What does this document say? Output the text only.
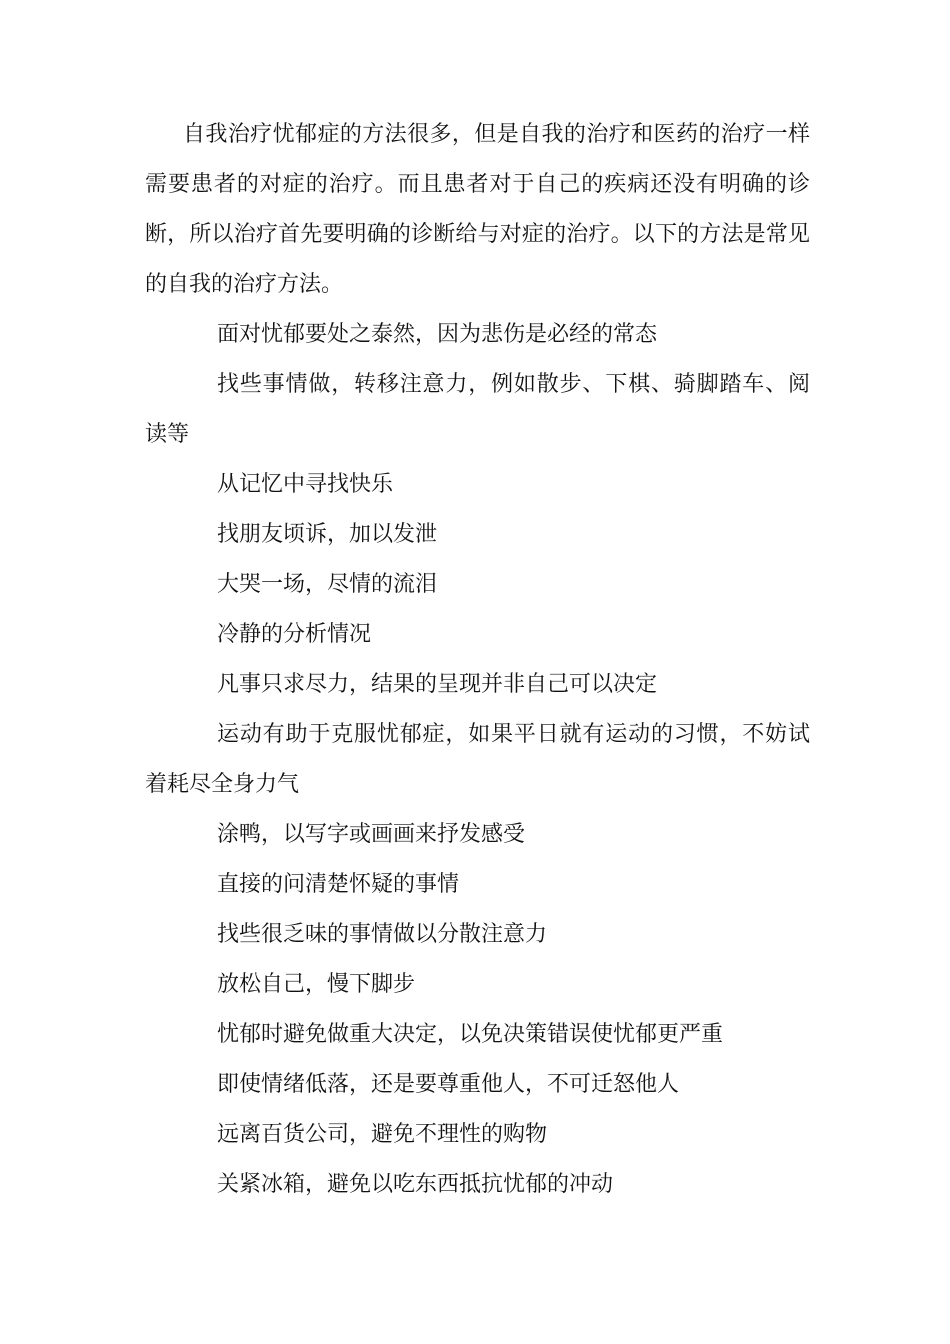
自我治疗忧郁症的方法很多，但是自我的治疗和医药的治疗一样需要患者的对症的治疗。而且患者对于自己的疾病还没有明确的诊断，所以治疗首先要明确的诊断给与对症的治疗。以下的方法是常见的自我的治疗方法。

面对忧郁要处之泰然，因为悲伤是必经的常态

找些事情做，转移注意力，例如散步、下棋、骑脚踏车、阅读等

从记忆中寻找快乐

找朋友顷诉，加以发泄

大哭一场，尽情的流泪

冷静的分析情况

凡事只求尽力，结果的呈现并非自己可以决定

运动有助于克服忧郁症，如果平日就有运动的习惯，不妨试着耗尽全身力气

涂鸭，以写字或画画来抒发感受

直接的问清楚怀疑的事情

找些很乏味的事情做以分散注意力

放松自己，慢下脚步

忧郁时避免做重大决定，以免决策错误使忧郁更严重

即使情绪低落，还是要尊重他人，不可迁怒他人

远离百货公司，避免不理性的购物

关紧冰箱，避免以吃东西抵抗忧郁的冲动
